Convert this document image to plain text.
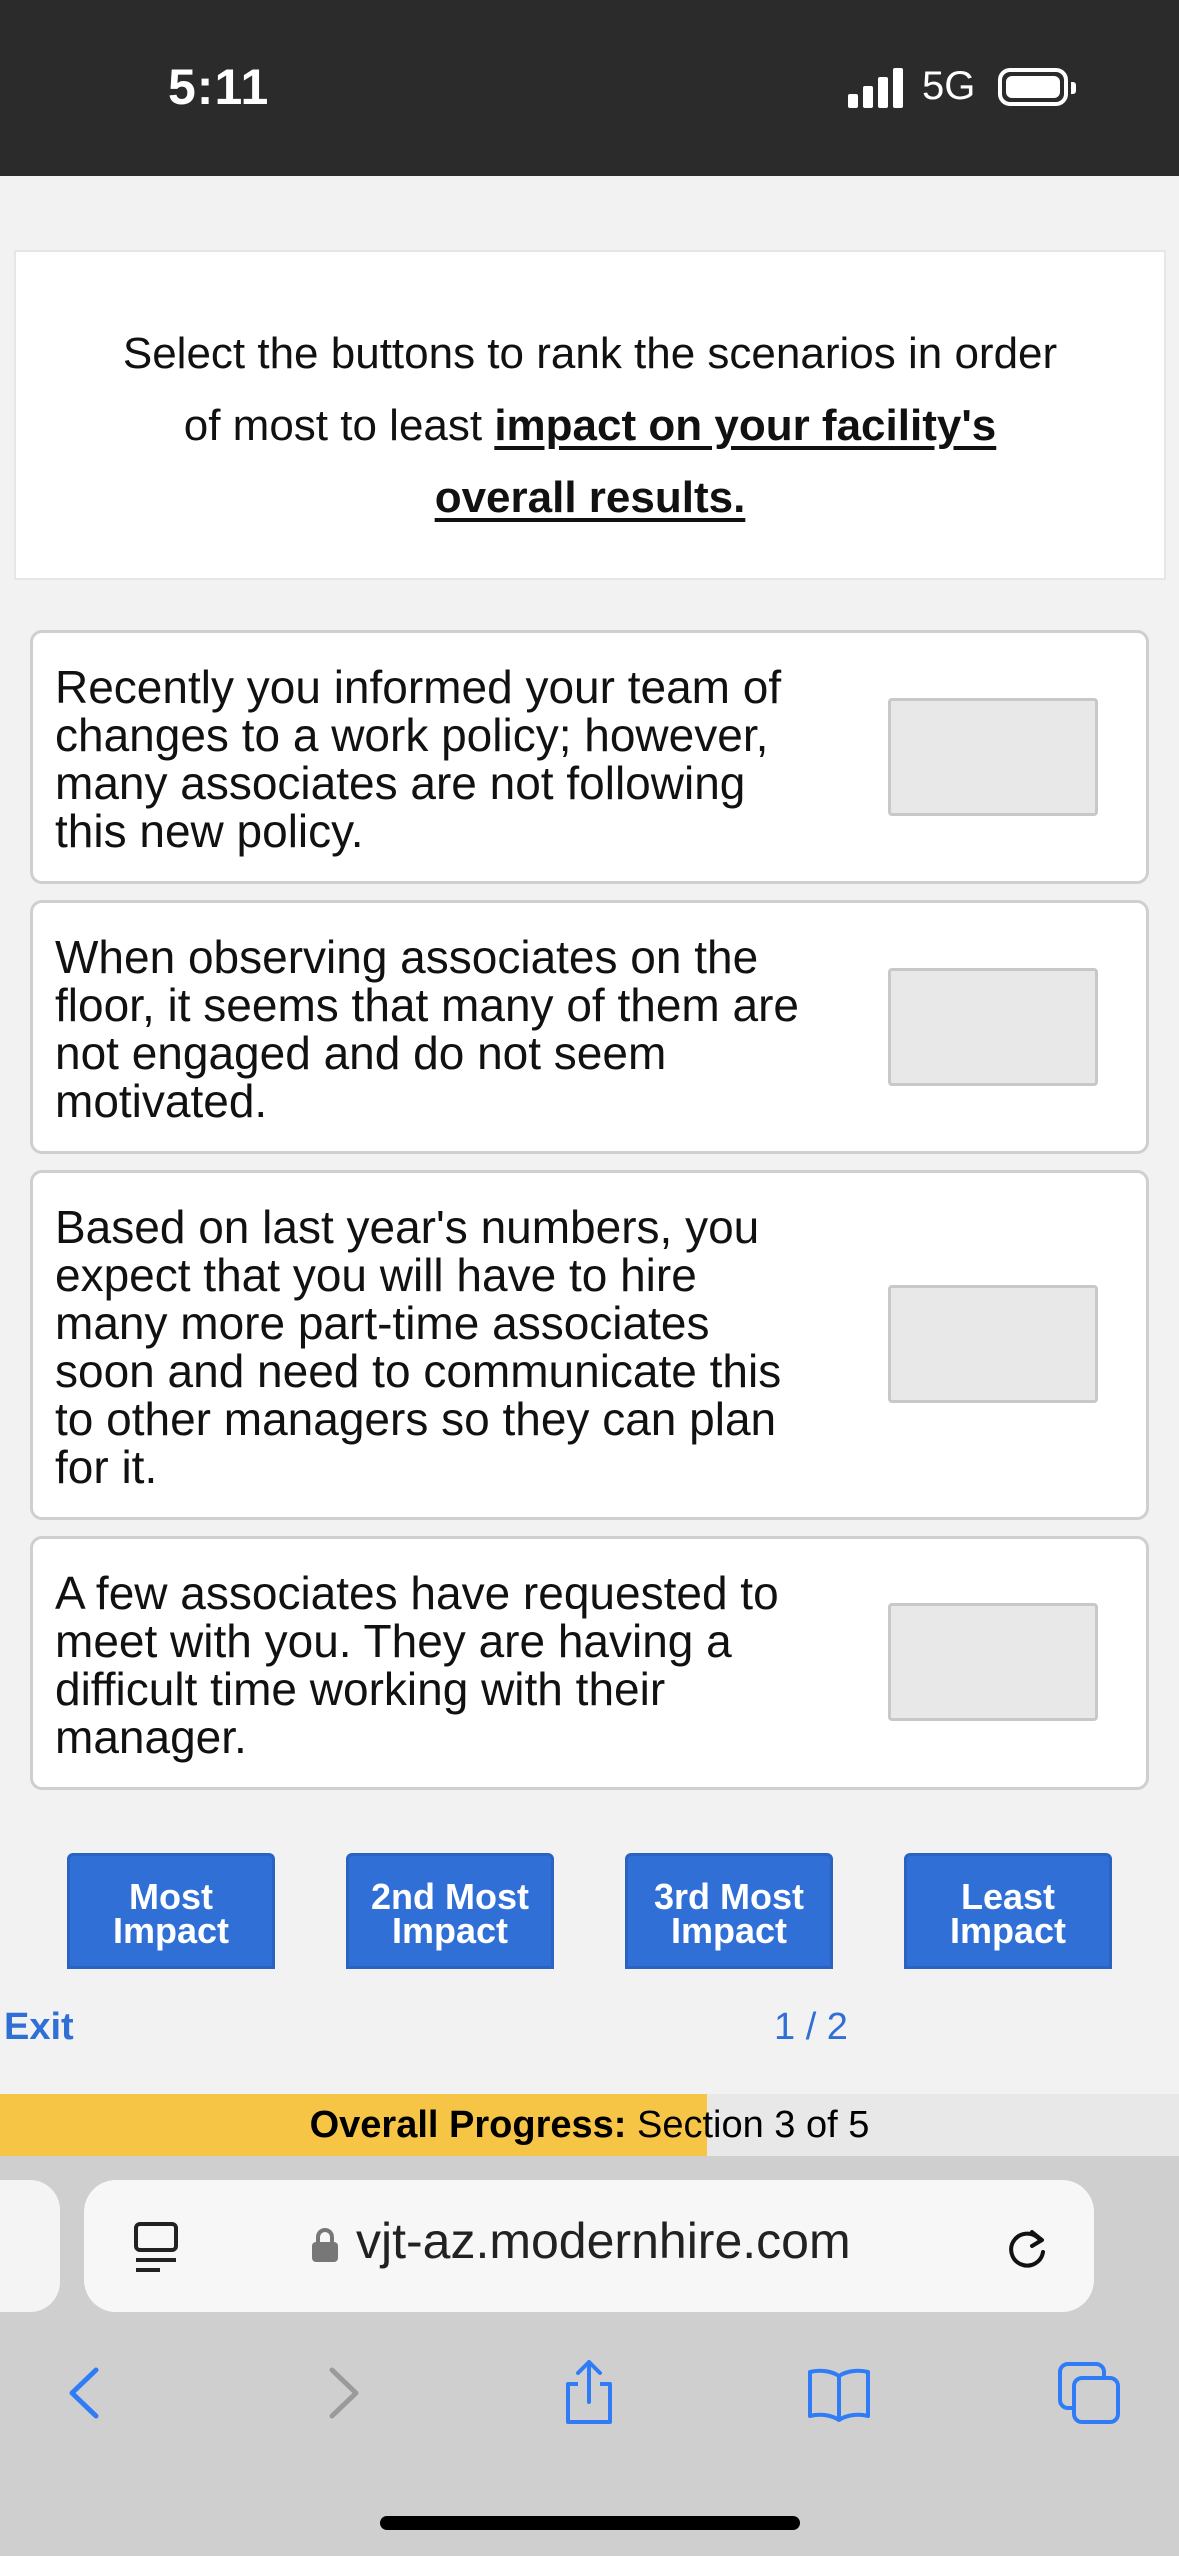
5:11	5G
Select the buttons to rank the scenarios in order
of most to least impact on your facility's
overall results.
Recently you informed your team of
changes to a work policy; however,
many associates are not following
this new policy.
When observing associates on the
floor, it seems that many of them are
not engaged and do not seem
motivated.
Based on last year's numbers, you
expect that you will have to hire
many more part-time associates
soon and need to communicate this
to other managers so they can plan
for it.
A few associates have requested to
meet with you. They are having a
difficult time working with their
manager.
Most
Impact
2nd Most
Impact
3rd Most
Impact
Least
Impact
Exit	1 / 2
Overall Progress: Section 3 of 5
vjt-az.modernhire.com
